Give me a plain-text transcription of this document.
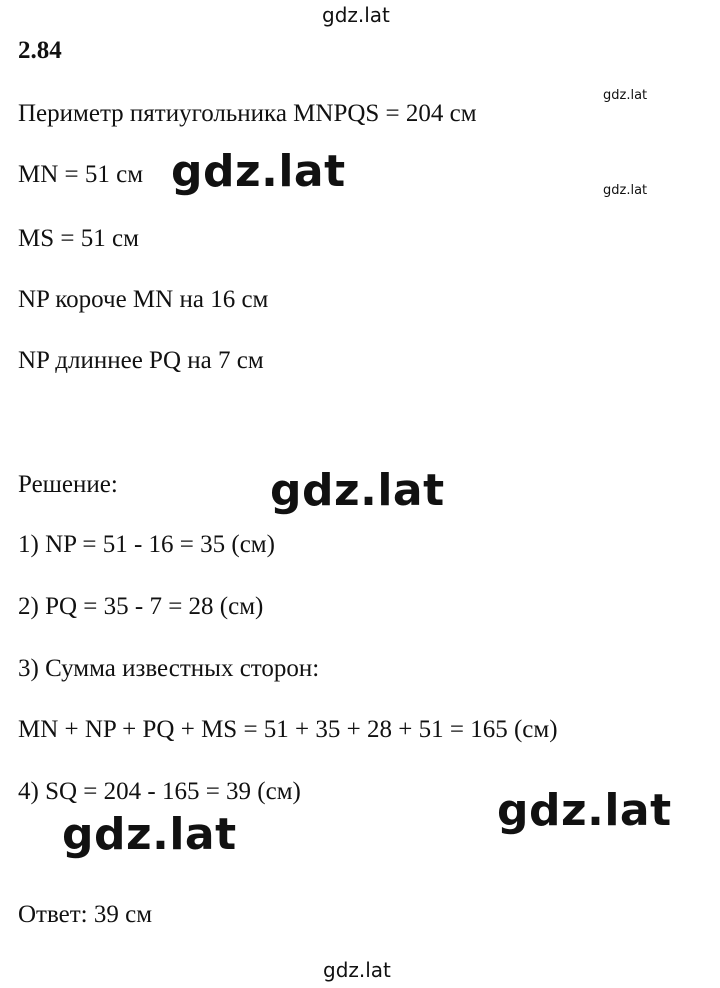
gdz.lat
2.84
gdz.lat
Периметр пятиугольника MNPQS = 204 см
MN = 51 см gdz.lat	gdz.lat
MS = 51 см
NP короче MN на 16 см
NP длиннее PQ на 7 см
Решение:	gdz.lat
1) NP = 51 - 16 = 35 (см)
2) PQ = 35 - 7 = 28 (см)
3) Сумма известных сторон:
MN + NP + PQ + MS = 51 + 35 + 28 + 51 = 165 (см)
4) SQ = 204 - 165 = 39 (см)	gdz.lat
gdz.lat
Ответ: 39 см
gdz.lat
